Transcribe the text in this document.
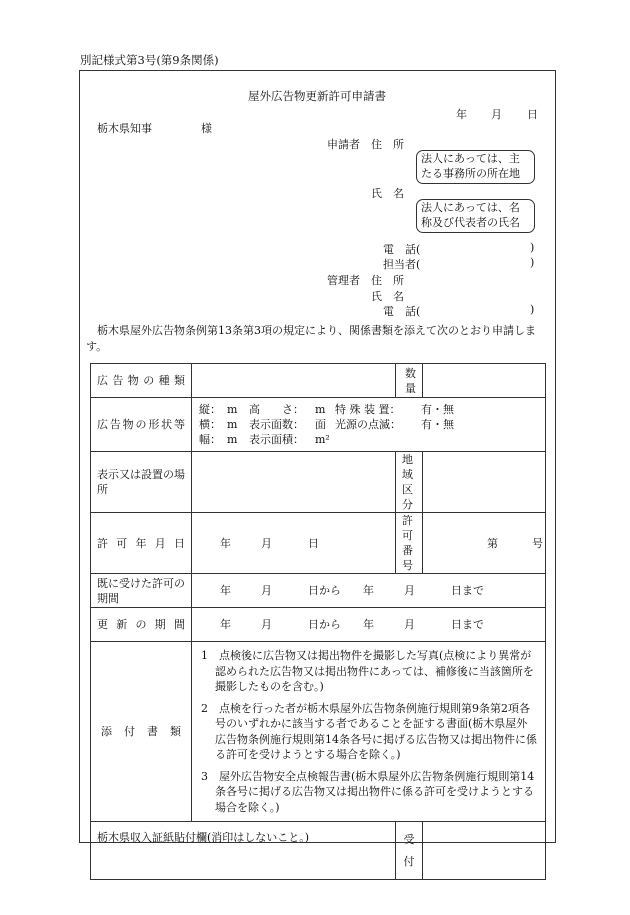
別記様式第3号(第9条関係)
屋外広告物更新許可申請書
年 月 日
栃木県知事	様
申請者 住　所
法人にあっては、主
たる事務所の所在地
氏　名
法人にあっては、名
称及び代表者の氏名
電　話(	)
担当者(	)
管理者 住　所
氏　名
電　話(	)
栃木県屋外広告物条例第13条第3項の規定により、関係書類を添えて次のとおり申請します。
広告物の種類		数　量	

広告物の形状等	縦： m 高　　さ： m 特 殊 装 置： 有・無
横： m 表示面数： 面 光源の点滅： 有・無
幅： m 表示面積： m²		

表示又は設置の場所		地域区分	

許可年月日	年 月 日	許可番号	第 号
既に受けた許可の期間	年 月 日から 年 月 日まで		

更新の期間	年 月 日から 年 月 日まで		

添付書類	1　点検後に広告物又は掲出物件を撮影した写真(点検により異常が認められた広告物又は掲出物件にあっては、補修後に当該箇所を撮影したものを含む。)

2　点検を行った者が栃木県屋外広告物条例施行規則第9条第2項各号のいずれかに該当する者であることを証する書面(栃木県屋外広告物条例施行規則第14条各号に掲げる広告物又は掲出物件に係る許可を受けようとする場合を除く。)

3　屋外広告物安全点検報告書(栃木県屋外広告物条例施行規則第14条各号に掲げる広告物又は掲出物件に係る許可を受けようとする場合を除く。)		

栃木県収入証紙貼付欄(消印はしないこと。)		受
付	
